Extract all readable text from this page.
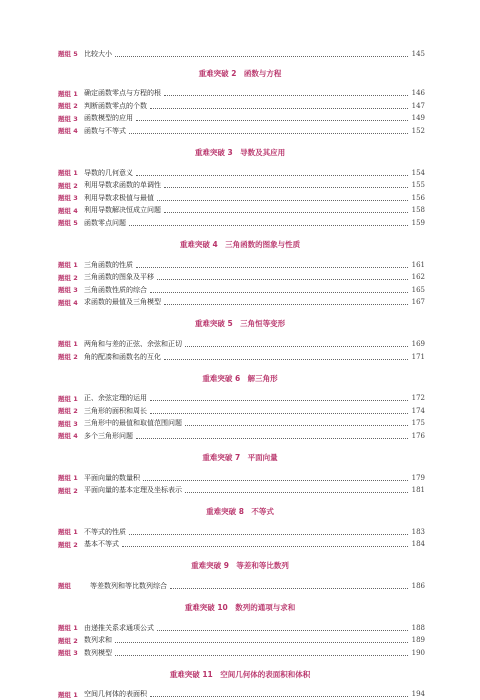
题组 5 比较大小	145
重难突破 2　函数与方程
题组 1 确定函数零点与方程的根	146
题组 2 判断函数零点的个数	147
题组 3 函数模型的应用	149
题组 4 函数与不等式	152
重难突破 3　导数及其应用
题组 1 导数的几何意义	154
题组 2 利用导数求函数的单调性	155
题组 3 利用导数求极值与最值	156
题组 4 利用导数解决恒成立问题	158
题组 5 函数零点问题	159
重难突破 4　三角函数的图象与性质
题组 1 三角函数的性质	161
题组 2 三角函数的图象及平移	162
题组 3 三角函数性质的综合	165
题组 4 求函数的最值及三角模型	167
重难突破 5　三角恒等变形
题组 1 两角和与差的正弦、余弦和正切	169
题组 2 角的配凑和函数名的互化	171
重难突破 6　解三角形
题组 1 正、余弦定理的运用	172
题组 2 三角形的面积和周长	174
题组 3 三角形中的最值和取值范围问题	175
题组 4 多个三角形问题	176
重难突破 7　平面向量
题组 1 平面向量的数量积	179
题组 2 平面向量的基本定理及坐标表示	181
重难突破 8　不等式
题组 1 不等式的性质	183
题组 2 基本不等式	184
重难突破 9　等差和等比数列
题组	等差数列和等比数列综合	186
重难突破 10　数列的通项与求和
题组 1 由递推关系求通项公式	188
题组 2 数列求和	189
题组 3 数列模型	190
重难突破 11　空间几何体的表面积和体积
题组 1 空间几何体的表面积	194
